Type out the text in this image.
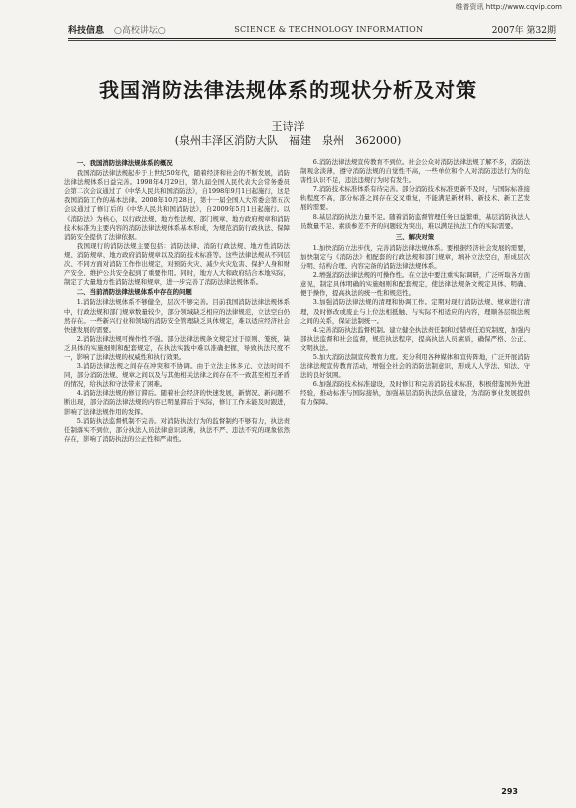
维普资讯 http://www.cqvip.com
科技信息 ○高校讲坛○	SCIENCE & TECHNOLOGY INFORMATION	2007年 第32期
我国消防法律法规体系的现状分析及对策
王诗洋
(泉州丰泽区消防大队　福建　泉州　362000)
一、我国消防法律法规体系的概况

我国消防法律法规起步于上世纪50年代，随着经济和社会的不断发展，消防法律法规体系日益完善。1998年4月29日，第九届全国人民代表大会常务委员会第二次会议通过了《中华人民共和国消防法》，自1998年9月1日起施行，这是我国消防工作的基本法律。2008年10月28日，第十一届全国人大常委会第五次会议通过了修订后的《中华人民共和国消防法》，自2009年5月1日起施行。以《消防法》为核心，以行政法规、地方性法规、部门规章、地方政府规章和消防技术标准为主要内容的消防法律法规体系基本形成，为规范消防行政执法、保障消防安全提供了法律依据。

我国现行的消防法规主要包括：消防法律、消防行政法规、地方性消防法规、消防规章、地方政府消防规章以及消防技术标准等。这些法律法规从不同层次、不同方面对消防工作作出规定，对预防火灾、减少火灾危害、保护人身和财产安全、维护公共安全起到了重要作用。同时，地方人大和政府结合本地实际，制定了大量地方性消防法规和规章，进一步完善了消防法律法规体系。

二、当前消防法律法规体系中存在的问题

1.消防法律法规体系不够健全，层次不够完善。目前我国消防法律法规体系中，行政法规和部门规章数量较少，部分领域缺乏相应的法律规范，立法空白仍然存在。一些新兴行业和领域的消防安全管理缺乏具体规定，难以适应经济社会快速发展的需要。

2.消防法律法规可操作性不强。部分法律法规条文规定过于原则、笼统，缺乏具体的实施细则和配套规定，在执法实践中难以准确把握，导致执法尺度不一，影响了法律法规的权威性和执行效果。

3.消防法律法规之间存在冲突和不协调。由于立法主体多元、立法时间不同，部分消防法规、规章之间以及与其他相关法律之间存在不一致甚至相互矛盾的情况，给执法和守法带来了困难。

4.消防法律法规的修订滞后。随着社会经济的快速发展，新情况、新问题不断出现，部分消防法律法规的内容已明显滞后于实际，修订工作未能及时跟进，影响了法律法规作用的发挥。

5.消防执法监督机制不完善。对消防执法行为的监督制约不够有力，执法责任制落实不到位，部分执法人员法律意识淡薄，执法不严、违法不究的现象依然存在，影响了消防执法的公正性和严肃性。

6.消防法律法规宣传教育不到位。社会公众对消防法律法规了解不多，消防法制观念淡薄，遵守消防法规的自觉性不高，一些单位和个人对消防违法行为的危害性认识不足，违法违规行为时有发生。

7.消防技术标准体系有待完善。部分消防技术标准更新不及时，与国际标准接轨程度不高，部分标准之间存在交叉重复，不能满足新材料、新技术、新工艺发展的需要。

8.基层消防执法力量不足。随着消防监督管理任务日益繁重，基层消防执法人员数量不足、素质参差不齐的问题较为突出，难以满足执法工作的实际需要。

三、解决对策

1.加快消防立法步伐，完善消防法律法规体系。要根据经济社会发展的需要，加快制定与《消防法》相配套的行政法规和部门规章，填补立法空白，形成层次分明、结构合理、内容完备的消防法律法规体系。

2.增强消防法律法规的可操作性。在立法中要注重实际调研，广泛听取各方面意见，制定具体明确的实施细则和配套规定，使法律法规条文规定具体、明确、便于操作，提高执法的统一性和规范性。

3.加强消防法律法规的清理和协调工作。定期对现行消防法规、规章进行清理，及时修改或废止与上位法相抵触、与实际不相适应的内容，理顺各层级法规之间的关系，保证法制统一。

4.完善消防执法监督机制。建立健全执法责任制和过错责任追究制度，加强内部执法监督和社会监督，规范执法程序，提高执法人员素质，确保严格、公正、文明执法。

5.加大消防法制宣传教育力度。充分利用各种媒体和宣传阵地，广泛开展消防法律法规宣传教育活动，增强全社会的消防法制意识，形成人人学法、知法、守法的良好氛围。

6.加强消防技术标准建设，及时修订和完善消防技术标准，积极借鉴国外先进经验，推动标准与国际接轨，加强基层消防执法队伍建设，为消防事业发展提供有力保障。

293
